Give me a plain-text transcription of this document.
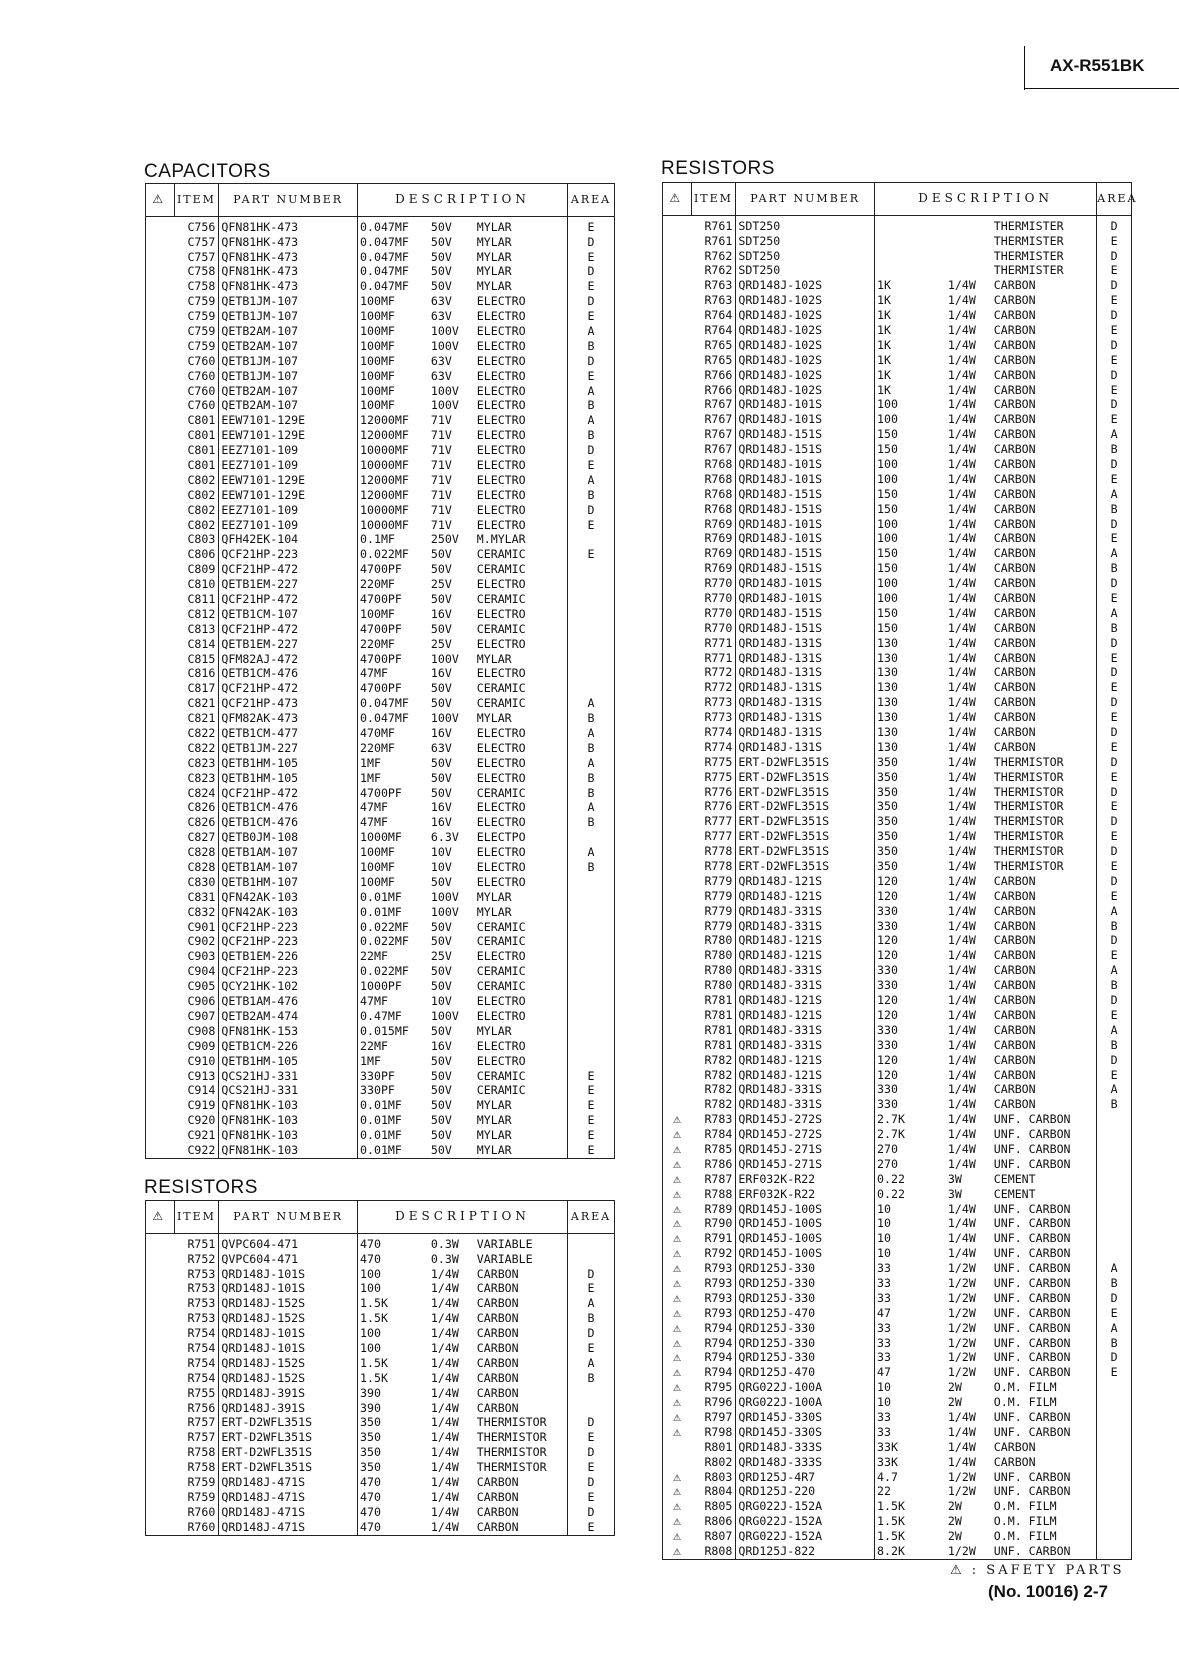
AX-R551BK
CAPACITORS
⚠	ITEM	PART NUMBER	DESCRIPTION			AREA
	C756	QFN81HK-473	0.047MF	50V	MYLAR	E
	C757	QFN81HK-473	0.047MF	50V	MYLAR	D
	C757	QFN81HK-473	0.047MF	50V	MYLAR	E
	C758	QFN81HK-473	0.047MF	50V	MYLAR	D
	C758	QFN81HK-473	0.047MF	50V	MYLAR	E
	C759	QETB1JM-107	100MF	63V	ELECTRO	D
	C759	QETB1JM-107	100MF	63V	ELECTRO	E
	C759	QETB2AM-107	100MF	100V	ELECTRO	A
	C759	QETB2AM-107	100MF	100V	ELECTRO	B
	C760	QETB1JM-107	100MF	63V	ELECTRO	D
	C760	QETB1JM-107	100MF	63V	ELECTRO	E
	C760	QETB2AM-107	100MF	100V	ELECTRO	A
	C760	QETB2AM-107	100MF	100V	ELECTRO	B
	C801	EEW7101-129E	12000MF	71V	ELECTRO	A
	C801	EEW7101-129E	12000MF	71V	ELECTRO	B
	C801	EEZ7101-109	10000MF	71V	ELECTRO	D
	C801	EEZ7101-109	10000MF	71V	ELECTRO	E
	C802	EEW7101-129E	12000MF	71V	ELECTRO	A
	C802	EEW7101-129E	12000MF	71V	ELECTRO	B
	C802	EEZ7101-109	10000MF	71V	ELECTRO	D
	C802	EEZ7101-109	10000MF	71V	ELECTRO	E
	C803	QFH42EK-104	0.1MF	250V	M.MYLAR	
	C806	QCF21HP-223	0.022MF	50V	CERAMIC	E
	C809	QCF21HP-472	4700PF	50V	CERAMIC	
	C810	QETB1EM-227	220MF	25V	ELECTRO	
	C811	QCF21HP-472	4700PF	50V	CERAMIC	
	C812	QETB1CM-107	100MF	16V	ELECTRO	
	C813	QCF21HP-472	4700PF	50V	CERAMIC	
	C814	QETB1EM-227	220MF	25V	ELECTRO	
	C815	QFM82AJ-472	4700PF	100V	MYLAR	
	C816	QETB1CM-476	47MF	16V	ELECTRO	
	C817	QCF21HP-472	4700PF	50V	CERAMIC	
	C821	QCF21HP-473	0.047MF	50V	CERAMIC	A
	C821	QFM82AK-473	0.047MF	100V	MYLAR	B
	C822	QETB1CM-477	470MF	16V	ELECTRO	A
	C822	QETB1JM-227	220MF	63V	ELECTRO	B
	C823	QETB1HM-105	1MF	50V	ELECTRO	A
	C823	QETB1HM-105	1MF	50V	ELECTRO	B
	C824	QCF21HP-472	4700PF	50V	CERAMIC	B
	C826	QETB1CM-476	47MF	16V	ELECTRO	A
	C826	QETB1CM-476	47MF	16V	ELECTRO	B
	C827	QETB0JM-108	1000MF	6.3V	ELECTPO	
	C828	QETB1AM-107	100MF	10V	ELECTRO	A
	C828	QETB1AM-107	100MF	10V	ELECTRO	B
	C830	QETB1HM-107	100MF	50V	ELECTRO	
	C831	QFN42AK-103	0.01MF	100V	MYLAR	
	C832	QFN42AK-103	0.01MF	100V	MYLAR	
	C901	QCF21HP-223	0.022MF	50V	CERAMIC	
	C902	QCF21HP-223	0.022MF	50V	CERAMIC	
	C903	QETB1EM-226	22MF	25V	ELECTRO	
	C904	QCF21HP-223	0.022MF	50V	CERAMIC	
	C905	QCY21HK-102	1000PF	50V	CERAMIC	
	C906	QETB1AM-476	47MF	10V	ELECTRO	
	C907	QETB2AM-474	0.47MF	100V	ELECTRO	
	C908	QFN81HK-153	0.015MF	50V	MYLAR	
	C909	QETB1CM-226	22MF	16V	ELECTRO	
	C910	QETB1HM-105	1MF	50V	ELECTRO	
	C913	QCS21HJ-331	330PF	50V	CERAMIC	E
	C914	QCS21HJ-331	330PF	50V	CERAMIC	E
	C919	QFN81HK-103	0.01MF	50V	MYLAR	E
	C920	QFN81HK-103	0.01MF	50V	MYLAR	E
	C921	QFN81HK-103	0.01MF	50V	MYLAR	E
	C922	QFN81HK-103	0.01MF	50V	MYLAR	E
RESISTORS
⚠	ITEM	PART NUMBER	DESCRIPTION			AREA
	R751	QVPC604-471	470	0.3W	VARIABLE	
	R752	QVPC604-471	470	0.3W	VARIABLE	
	R753	QRD148J-101S	100	1/4W	CARBON	D
	R753	QRD148J-101S	100	1/4W	CARBON	E
	R753	QRD148J-152S	1.5K	1/4W	CARBON	A
	R753	QRD148J-152S	1.5K	1/4W	CARBON	B
	R754	QRD148J-101S	100	1/4W	CARBON	D
	R754	QRD148J-101S	100	1/4W	CARBON	E
	R754	QRD148J-152S	1.5K	1/4W	CARBON	A
	R754	QRD148J-152S	1.5K	1/4W	CARBON	B
	R755	QRD148J-391S	390	1/4W	CARBON	
	R756	QRD148J-391S	390	1/4W	CARBON	
	R757	ERT-D2WFL351S	350	1/4W	THERMISTOR	D
	R757	ERT-D2WFL351S	350	1/4W	THERMISTOR	E
	R758	ERT-D2WFL351S	350	1/4W	THERMISTOR	D
	R758	ERT-D2WFL351S	350	1/4W	THERMISTOR	E
	R759	QRD148J-471S	470	1/4W	CARBON	D
	R759	QRD148J-471S	470	1/4W	CARBON	E
	R760	QRD148J-471S	470	1/4W	CARBON	D
	R760	QRD148J-471S	470	1/4W	CARBON	E
RESISTORS
⚠	ITEM	PART NUMBER	DESCRIPTION			AREA
	R761	SDT250			THERMISTER	D
	R761	SDT250			THERMISTER	E
	R762	SDT250			THERMISTER	D
	R762	SDT250			THERMISTER	E
	R763	QRD148J-102S	1K	1/4W	CARBON	D
	R763	QRD148J-102S	1K	1/4W	CARBON	E
	R764	QRD148J-102S	1K	1/4W	CARBON	D
	R764	QRD148J-102S	1K	1/4W	CARBON	E
	R765	QRD148J-102S	1K	1/4W	CARBON	D
	R765	QRD148J-102S	1K	1/4W	CARBON	E
	R766	QRD148J-102S	1K	1/4W	CARBON	D
	R766	QRD148J-102S	1K	1/4W	CARBON	E
	R767	QRD148J-101S	100	1/4W	CARBON	D
	R767	QRD148J-101S	100	1/4W	CARBON	E
	R767	QRD148J-151S	150	1/4W	CARBON	A
	R767	QRD148J-151S	150	1/4W	CARBON	B
	R768	QRD148J-101S	100	1/4W	CARBON	D
	R768	QRD148J-101S	100	1/4W	CARBON	E
	R768	QRD148J-151S	150	1/4W	CARBON	A
	R768	QRD148J-151S	150	1/4W	CARBON	B
	R769	QRD148J-101S	100	1/4W	CARBON	D
	R769	QRD148J-101S	100	1/4W	CARBON	E
	R769	QRD148J-151S	150	1/4W	CARBON	A
	R769	QRD148J-151S	150	1/4W	CARBON	B
	R770	QRD148J-101S	100	1/4W	CARBON	D
	R770	QRD148J-101S	100	1/4W	CARBON	E
	R770	QRD148J-151S	150	1/4W	CARBON	A
	R770	QRD148J-151S	150	1/4W	CARBON	B
	R771	QRD148J-131S	130	1/4W	CARBON	D
	R771	QRD148J-131S	130	1/4W	CARBON	E
	R772	QRD148J-131S	130	1/4W	CARBON	D
	R772	QRD148J-131S	130	1/4W	CARBON	E
	R773	QRD148J-131S	130	1/4W	CARBON	D
	R773	QRD148J-131S	130	1/4W	CARBON	E
	R774	QRD148J-131S	130	1/4W	CARBON	D
	R774	QRD148J-131S	130	1/4W	CARBON	E
	R775	ERT-D2WFL351S	350	1/4W	THERMISTOR	D
	R775	ERT-D2WFL351S	350	1/4W	THERMISTOR	E
	R776	ERT-D2WFL351S	350	1/4W	THERMISTOR	D
	R776	ERT-D2WFL351S	350	1/4W	THERMISTOR	E
	R777	ERT-D2WFL351S	350	1/4W	THERMISTOR	D
	R777	ERT-D2WFL351S	350	1/4W	THERMISTOR	E
	R778	ERT-D2WFL351S	350	1/4W	THERMISTOR	D
	R778	ERT-D2WFL351S	350	1/4W	THERMISTOR	E
	R779	QRD148J-121S	120	1/4W	CARBON	D
	R779	QRD148J-121S	120	1/4W	CARBON	E
	R779	QRD148J-331S	330	1/4W	CARBON	A
	R779	QRD148J-331S	330	1/4W	CARBON	B
	R780	QRD148J-121S	120	1/4W	CARBON	D
	R780	QRD148J-121S	120	1/4W	CARBON	E
	R780	QRD148J-331S	330	1/4W	CARBON	A
	R780	QRD148J-331S	330	1/4W	CARBON	B
	R781	QRD148J-121S	120	1/4W	CARBON	D
	R781	QRD148J-121S	120	1/4W	CARBON	E
	R781	QRD148J-331S	330	1/4W	CARBON	A
	R781	QRD148J-331S	330	1/4W	CARBON	B
	R782	QRD148J-121S	120	1/4W	CARBON	D
	R782	QRD148J-121S	120	1/4W	CARBON	E
	R782	QRD148J-331S	330	1/4W	CARBON	A
	R782	QRD148J-331S	330	1/4W	CARBON	B
⚠	R783	QRD145J-272S	2.7K	1/4W	UNF. CARBON	
⚠	R784	QRD145J-272S	2.7K	1/4W	UNF. CARBON	
⚠	R785	QRD145J-271S	270	1/4W	UNF. CARBON	
⚠	R786	QRD145J-271S	270	1/4W	UNF. CARBON	
⚠	R787	ERF032K-R22	0.22	3W	CEMENT	
⚠	R788	ERF032K-R22	0.22	3W	CEMENT	
⚠	R789	QRD145J-100S	10	1/4W	UNF. CARBON	
⚠	R790	QRD145J-100S	10	1/4W	UNF. CARBON	
⚠	R791	QRD145J-100S	10	1/4W	UNF. CARBON	
⚠	R792	QRD145J-100S	10	1/4W	UNF. CARBON	
⚠	R793	QRD125J-330	33	1/2W	UNF. CARBON	A
⚠	R793	QRD125J-330	33	1/2W	UNF. CARBON	B
⚠	R793	QRD125J-330	33	1/2W	UNF. CARBON	D
⚠	R793	QRD125J-470	47	1/2W	UNF. CARBON	E
⚠	R794	QRD125J-330	33	1/2W	UNF. CARBON	A
⚠	R794	QRD125J-330	33	1/2W	UNF. CARBON	B
⚠	R794	QRD125J-330	33	1/2W	UNF. CARBON	D
⚠	R794	QRD125J-470	47	1/2W	UNF. CARBON	E
⚠	R795	QRG022J-100A	10	2W	O.M. FILM	
⚠	R796	QRG022J-100A	10	2W	O.M. FILM	
⚠	R797	QRD145J-330S	33	1/4W	UNF. CARBON	
⚠	R798	QRD145J-330S	33	1/4W	UNF. CARBON	
	R801	QRD148J-333S	33K	1/4W	CARBON	
	R802	QRD148J-333S	33K	1/4W	CARBON	
⚠	R803	QRD125J-4R7	4.7	1/2W	UNF. CARBON	
⚠	R804	QRD125J-220	22	1/2W	UNF. CARBON	
⚠	R805	QRG022J-152A	1.5K	2W	O.M. FILM	
⚠	R806	QRG022J-152A	1.5K	2W	O.M. FILM	
⚠	R807	QRG022J-152A	1.5K	2W	O.M. FILM	
⚠	R808	QRD125J-822	8.2K	1/2W	UNF. CARBON	
⚠ : SAFETY PARTS
(No. 10016) 2-7
